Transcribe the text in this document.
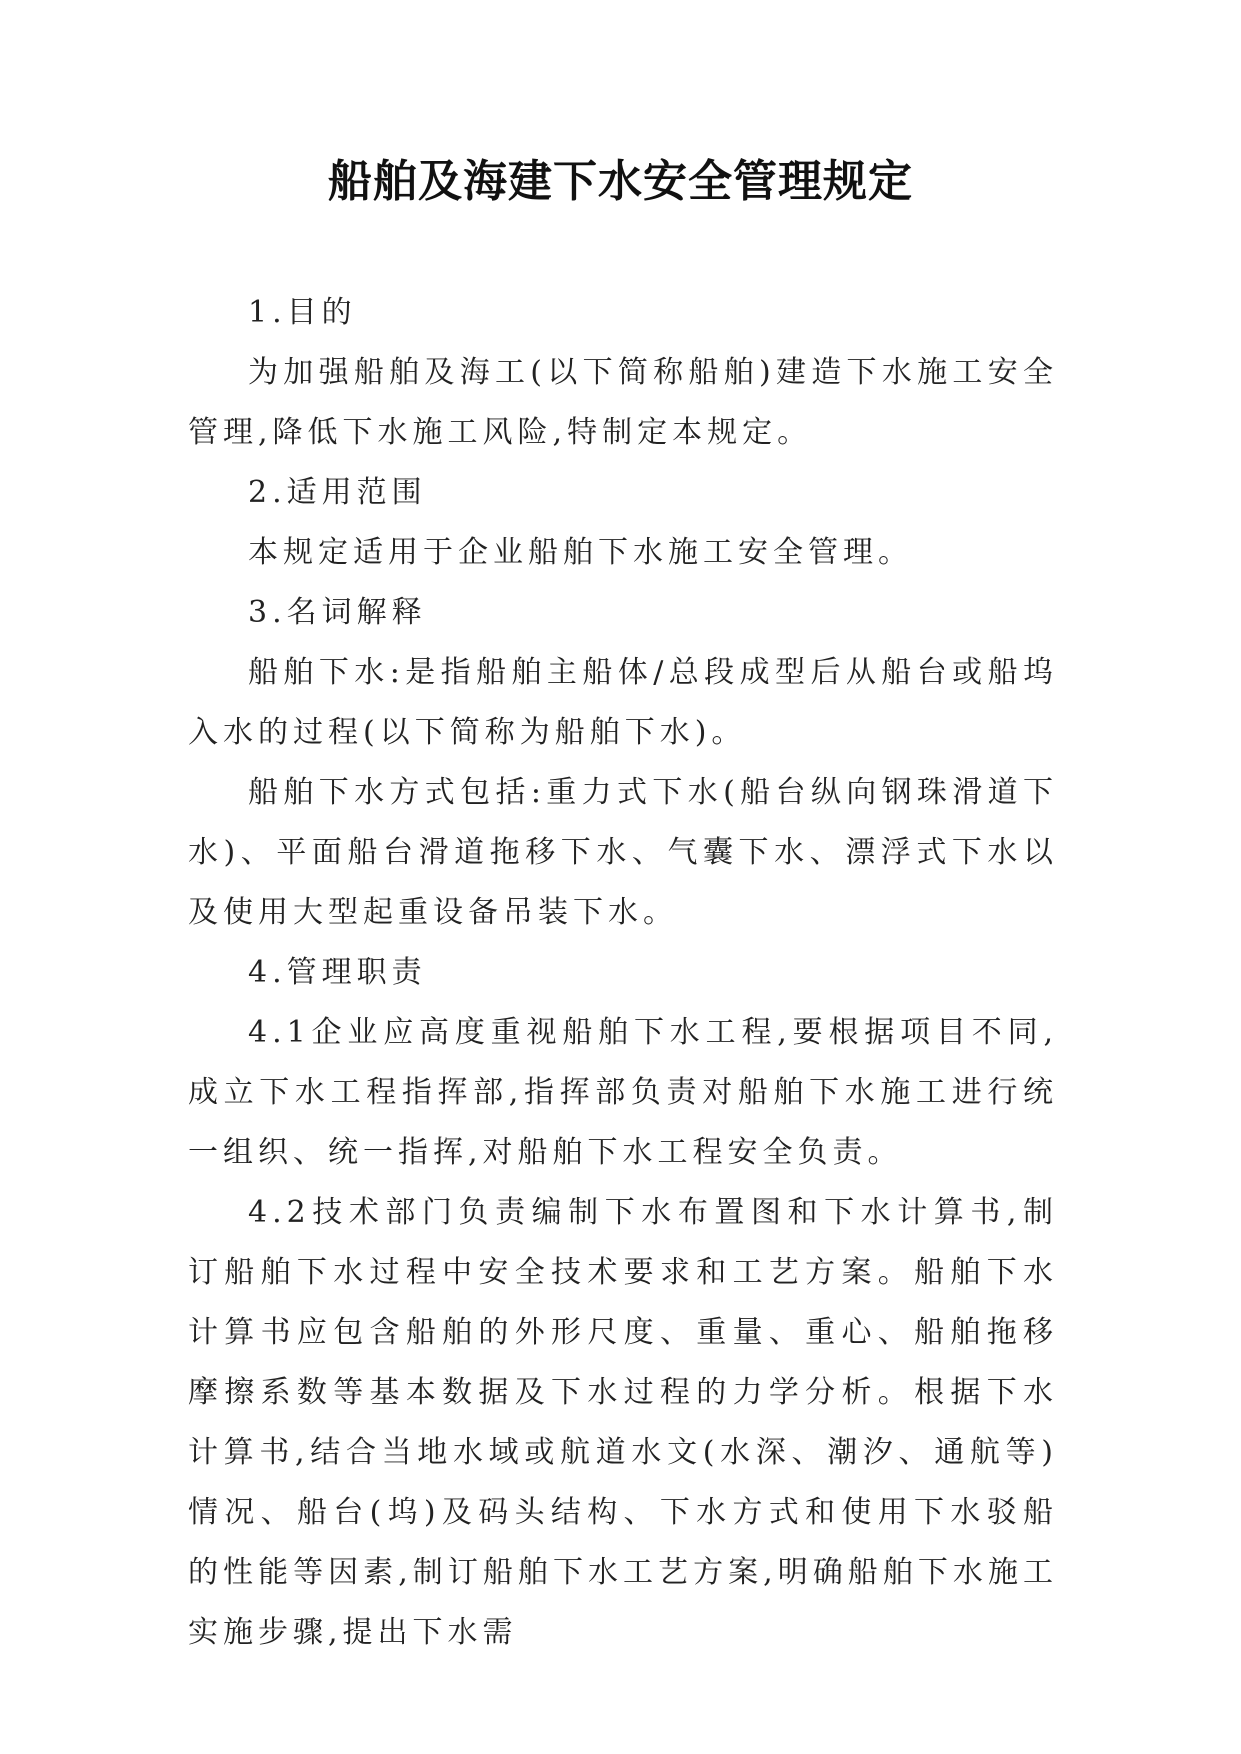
船舶及海建下水安全管理规定

1.目的

为加强船舶及海工(以下简称船舶)建造下水施工安全管理,降低下水施工风险,特制定本规定。

2.适用范围

本规定适用于企业船舶下水施工安全管理。

3.名词解释

船舶下水:是指船舶主船体/总段成型后从船台或船坞入水的过程(以下简称为船舶下水)。

船舶下水方式包括:重力式下水(船台纵向钢珠滑道下水)、平面船台滑道拖移下水、气囊下水、漂浮式下水以及使用大型起重设备吊装下水。

4.管理职责

4.1企业应高度重视船舶下水工程,要根据项目不同,成立下水工程指挥部,指挥部负责对船舶下水施工进行统一组织、统一指挥,对船舶下水工程安全负责。

4.2技术部门负责编制下水布置图和下水计算书,制订船舶下水过程中安全技术要求和工艺方案。船舶下水计算书应包含船舶的外形尺度、重量、重心、船舶拖移摩擦系数等基本数据及下水过程的力学分析。根据下水计算书,结合当地水域或航道水文(水深、潮汐、通航等)情况、船台(坞)及码头结构、下水方式和使用下水驳船的性能等因素,制订船舶下水工艺方案,明确船舶下水施工实施步骤,提出下水需
